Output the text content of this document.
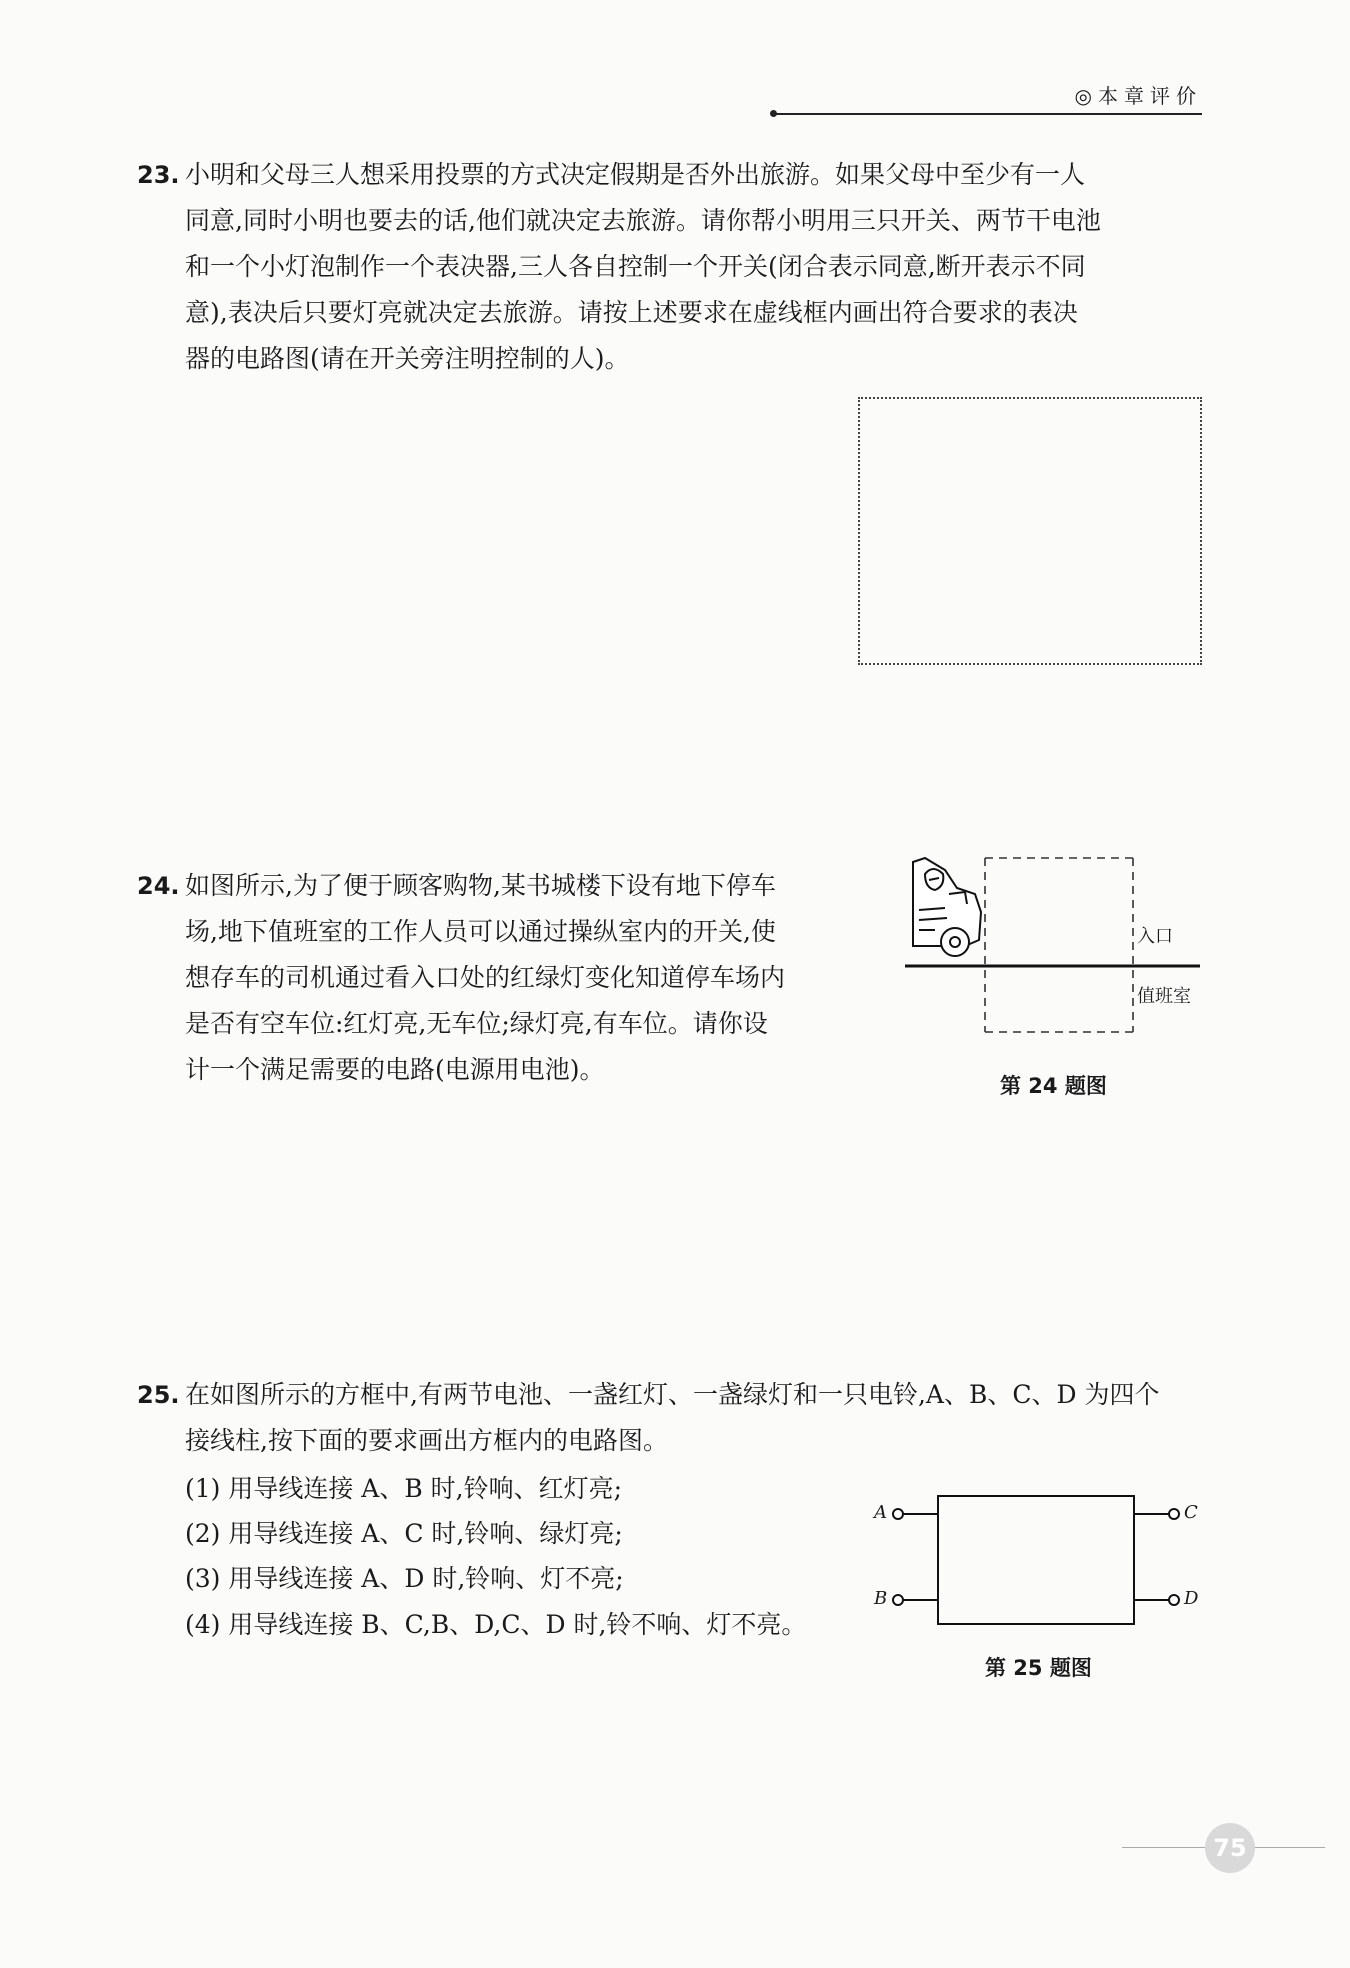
◎本章评价
23. 小明和父母三人想采用投票的方式决定假期是否外出旅游。如果父母中至少有一人
同意,同时小明也要去的话,他们就决定去旅游。请你帮小明用三只开关、两节干电池
和一个小灯泡制作一个表决器,三人各自控制一个开关(闭合表示同意,断开表示不同
意),表决后只要灯亮就决定去旅游。请按上述要求在虚线框内画出符合要求的表决
器的电路图(请在开关旁注明控制的人)。

24. 如图所示,为了便于顾客购物,某书城楼下设有地下停车
场,地下值班室的工作人员可以通过操纵室内的开关,使
想存车的司机通过看入口处的红绿灯变化知道停车场内
是否有空车位:红灯亮,无车位;绿灯亮,有车位。请你设
计一个满足需要的电路(电源用电池)。

入口
值班室
第 24 题图
25. 在如图所示的方框中,有两节电池、一盏红灯、一盏绿灯和一只电铃,A、B、C、D 为四个
接线柱,按下面的要求画出方框内的电路图。

(1) 用导线连接 A、B 时,铃响、红灯亮;
(2) 用导线连接 A、C 时,铃响、绿灯亮;
(3) 用导线连接 A、D 时,铃响、灯不亮;
(4) 用导线连接 B、C,B、D,C、D 时,铃不响、灯不亮。
A
B
C
D
第 25 题图
75
